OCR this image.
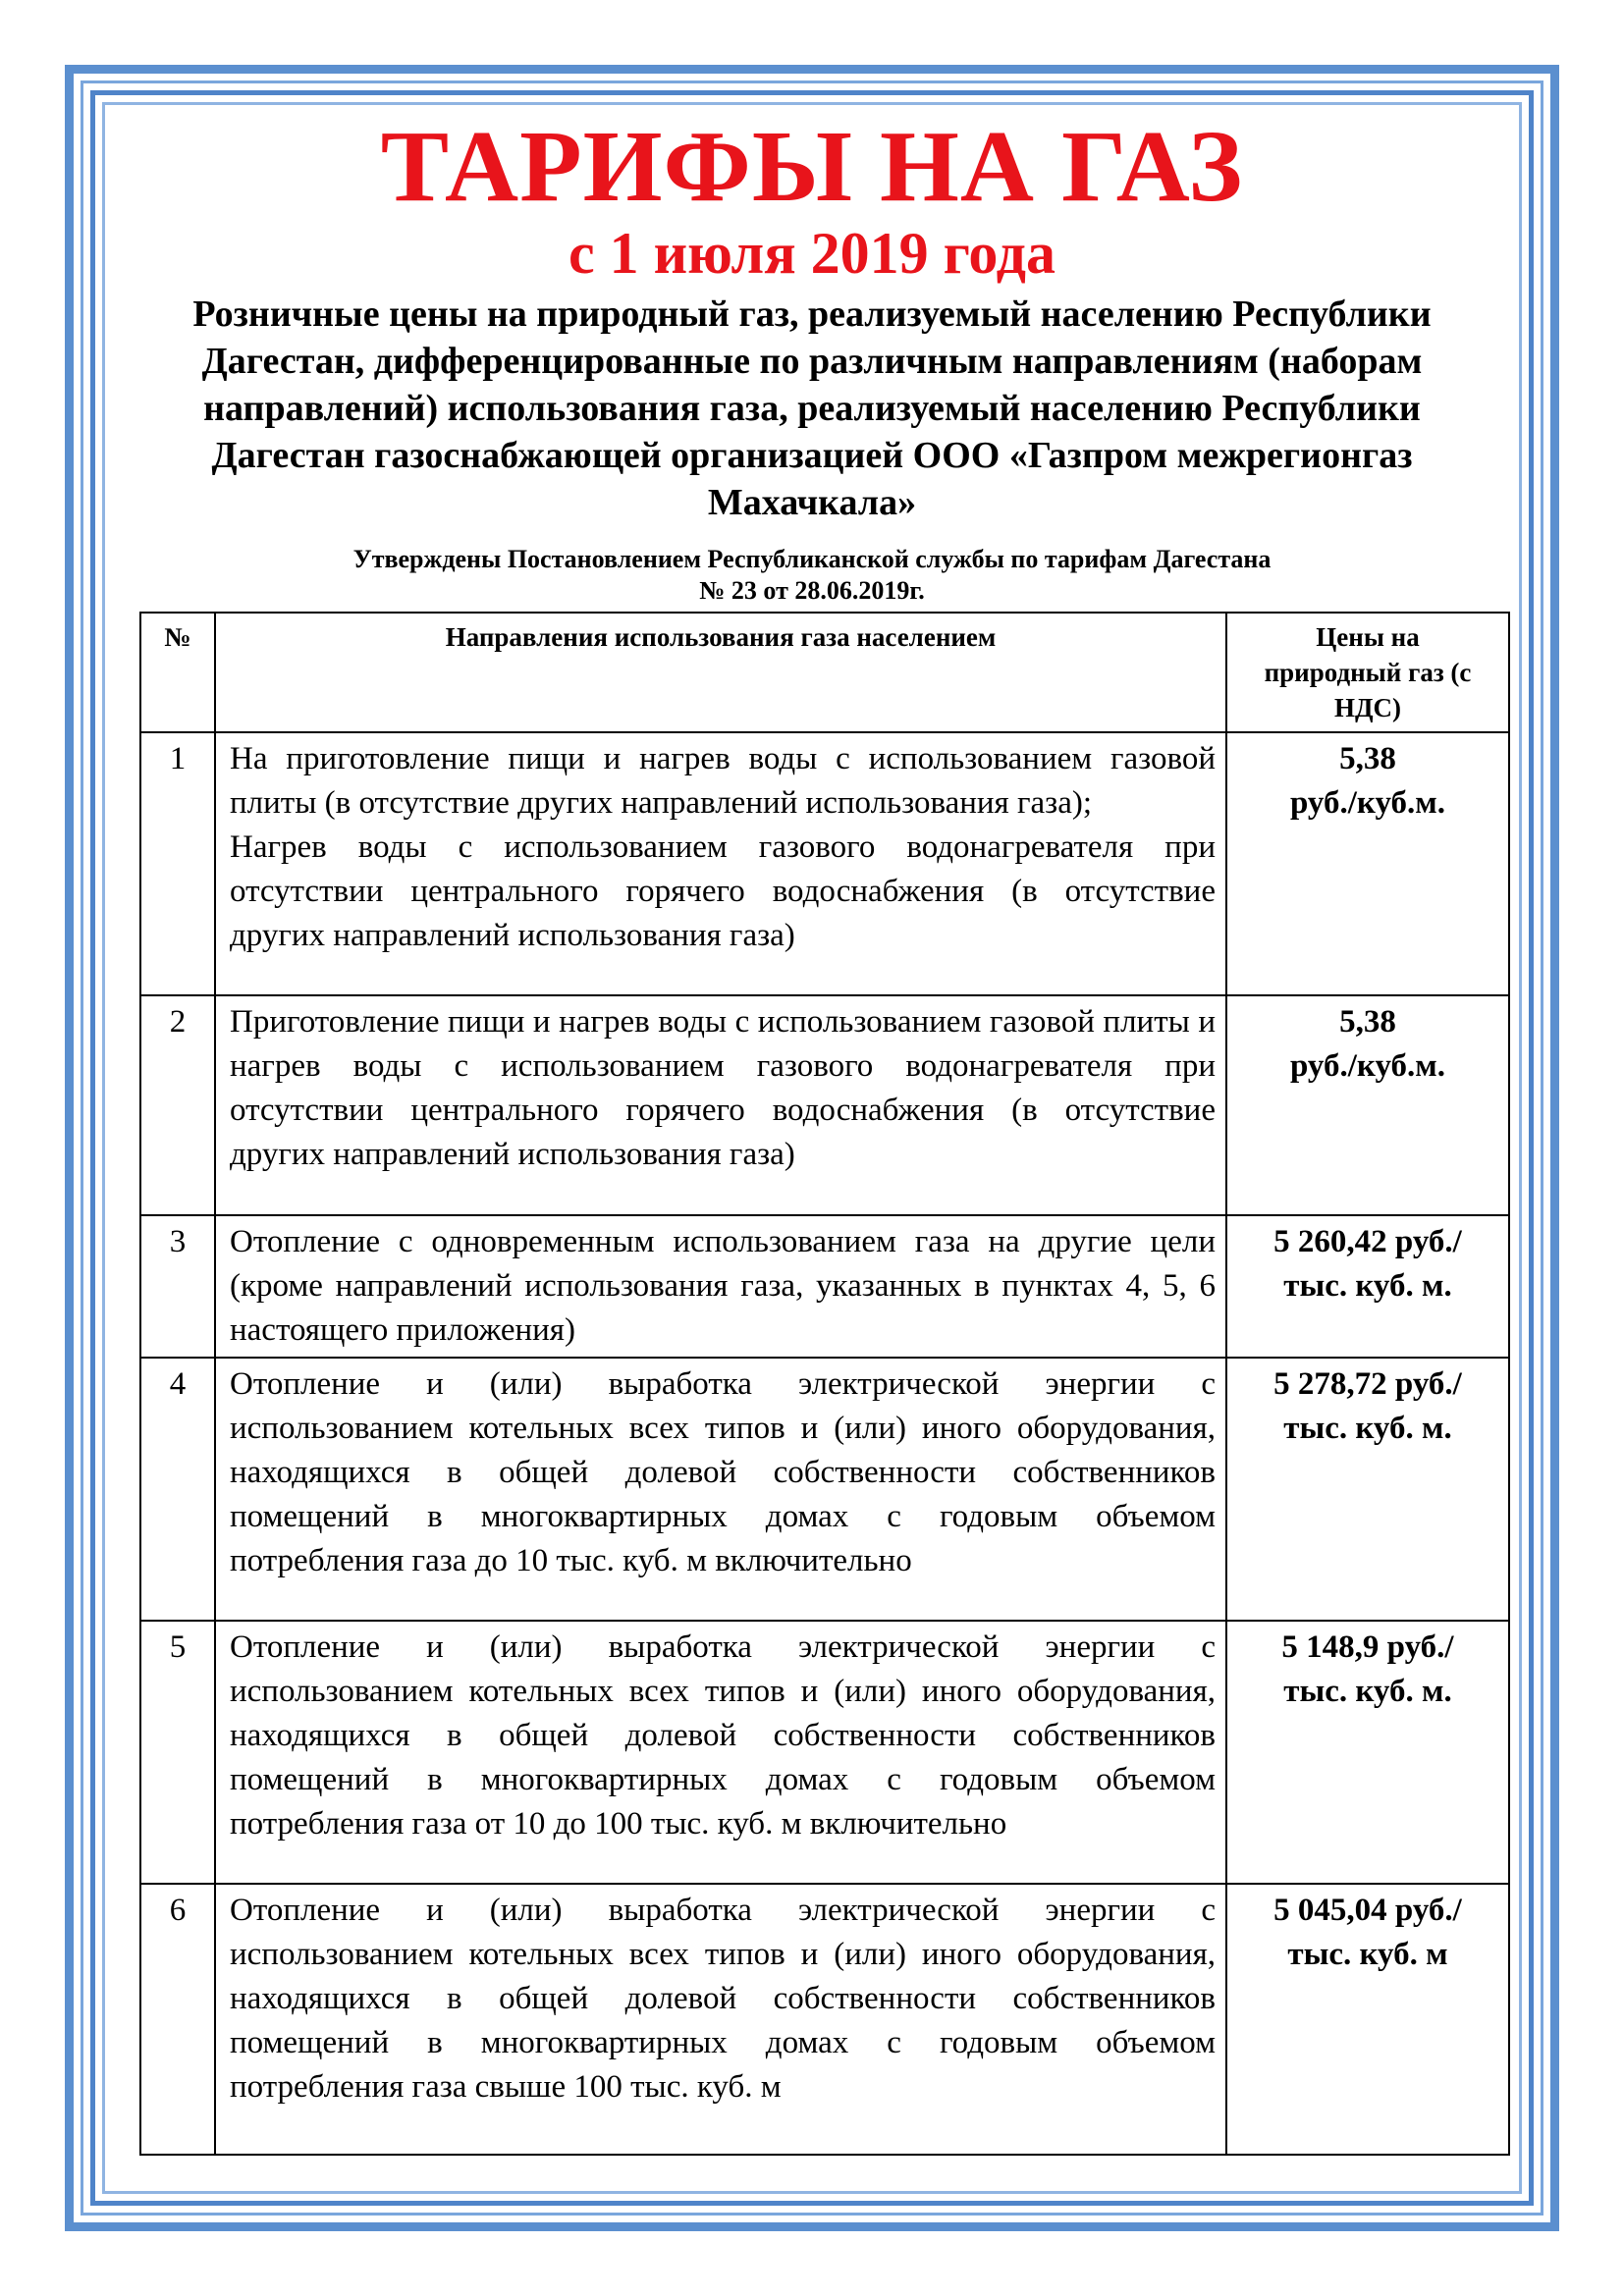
ТАРИФЫ НА ГАЗ
с 1 июля 2019 года
Розничные цены на природный газ, реализуемый населению Республики Дагестан, дифференцированные по различным направлениям (наборам направлений) использования газа, реализуемый населению Республики Дагестан газоснабжающей организацией ООО «Газпром межрегионгаз Махачкала»
Утверждены Постановлением Республиканской службы по тарифам Дагестана
№ 23 от 28.06.2019г.
№	Направления использования газа населением	Цены на природный газ (с НДС)
1	На приготовление пищи и нагрев воды с использованием газовой плиты (в отсутствие других направлений использования газа);
Нагрев воды с использованием газового водонагревателя при отсутствии центрального горячего водоснабжения (в отсутствие других направлений использования газа)	5,38
руб./куб.м.

2	Приготовление пищи и нагрев воды с использованием газовой плиты и нагрев воды с использованием газового водонагревателя при отсутствии центрального горячего водоснабжения (в отсутствие других направлений использования газа)	5,38
руб./куб.м.

3	Отопление с одновременным использованием газа на другие цели (кроме направлений использования газа, указанных в пунктах 4, 5, 6 настоящего приложения)	5 260,42 руб./
тыс. куб. м.

4	Отопление и (или) выработка электрической энергии с использованием котельных всех типов и (или) иного оборудования, находящихся в общей долевой собственности собственников помещений в многоквартирных домах с годовым объемом потребления газа до 10 тыс. куб. м включительно	5 278,72 руб./
тыс. куб. м.

5	Отопление и (или) выработка электрической энергии с использованием котельных всех типов и (или) иного оборудования, находящихся в общей долевой собственности собственников помещений в многоквартирных домах с годовым объемом потребления газа от 10 до 100 тыс. куб. м включительно	5 148,9 руб./
тыс. куб. м.

6	Отопление и (или) выработка электрической энергии с использованием котельных всех типов и (или) иного оборудования, находящихся в общей долевой собственности собственников помещений в многоквартирных домах с годовым объемом потребления газа свыше 100 тыс. куб. м	5 045,04 руб./
тыс. куб. м
